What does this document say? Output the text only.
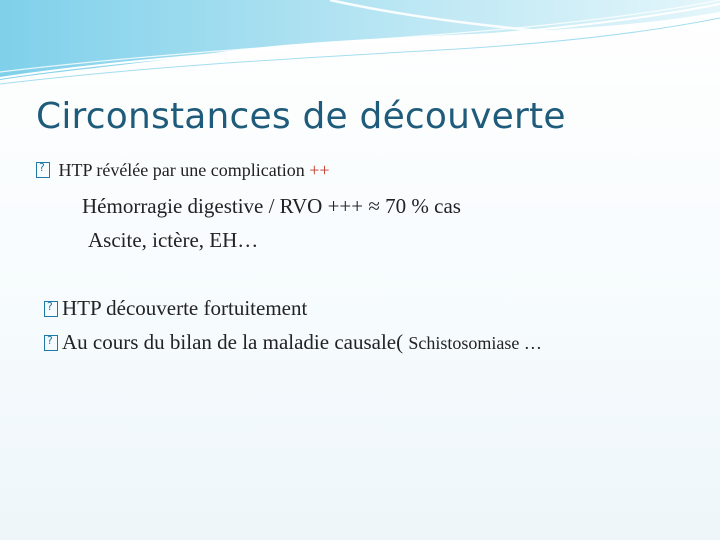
Circonstances de découverte
? HTP révélée par une complication ++
Hémorragie digestive / RVO +++ ≈ 70 % cas
Ascite, ictère, EH…
?HTP découverte fortuitement
?Au cours du bilan de la maladie causale( Schistosomiase …
